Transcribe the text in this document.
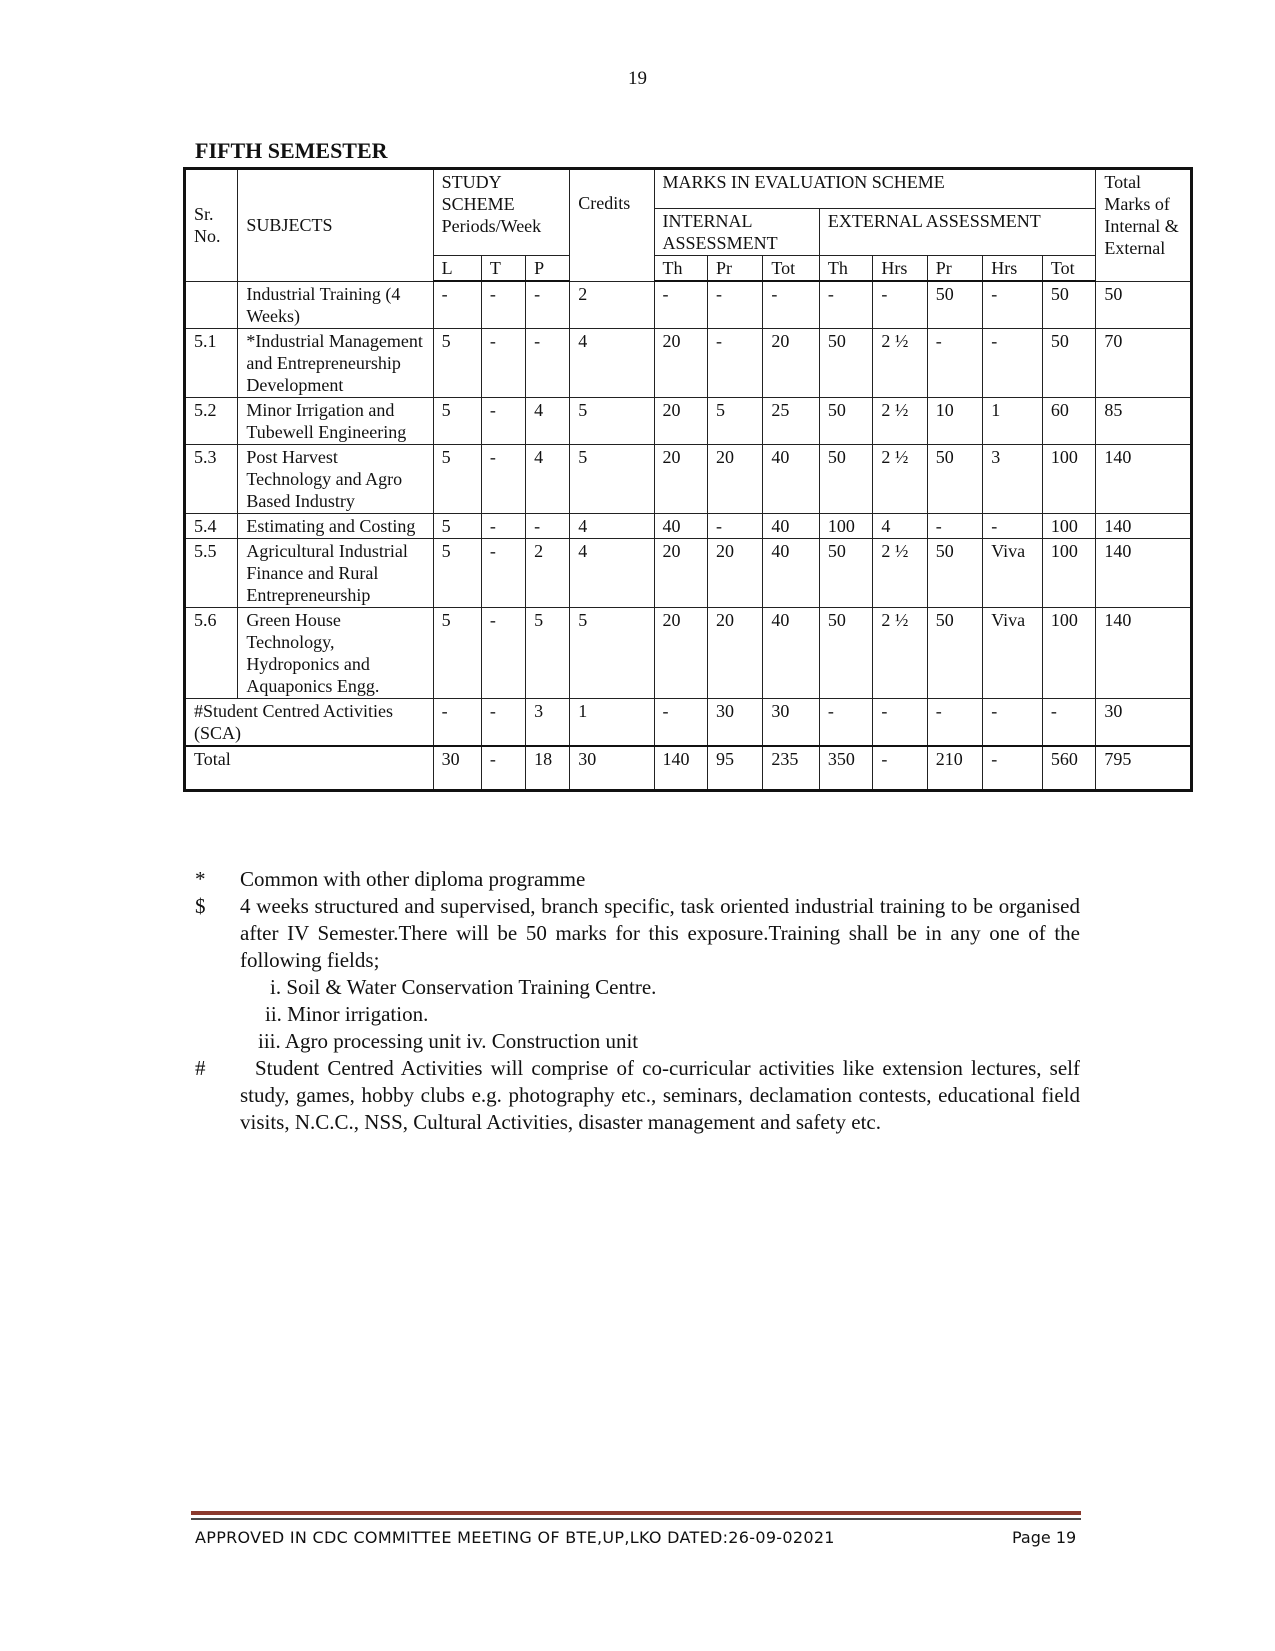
19
FIFTH SEMESTER
Sr. No.	SUBJECTS	STUDY SCHEME Periods/Week			Credits	MARKS IN EVALUATION SCHEME								Total Marks of Internal & External
						INTERNAL ASSESSMENT			EXTERNAL ASSESSMENT					
		L	T	P		Th	Pr	Tot	Th	Hrs	Pr	Hrs	Tot	
	Industrial Training (4 Weeks)	-	-	-	2	-	-	-	-	-	50	-	50	50
5.1	*Industrial Management and Entrepreneurship Development	5	-	-	4	20	-	20	50	2 ½	-	-	50	70
5.2	Minor Irrigation and Tubewell Engineering	5	-	4	5	20	5	25	50	2 ½	10	1	60	85
5.3	Post Harvest Technology and Agro Based Industry	5	-	4	5	20	20	40	50	2 ½	50	3	100	140
5.4	Estimating and Costing	5	-	-	4	40	-	40	100	4	-	-	100	140
5.5	Agricultural Industrial Finance and Rural Entrepreneurship	5	-	2	4	20	20	40	50	2 ½	50	Viva	100	140
5.6	Green House Technology, Hydroponics and Aquaponics Engg.	5	-	5	5	20	20	40	50	2 ½	50	Viva	100	140
#Student Centred Activities (SCA)		-	-	3	1	-	30	30	-	-	-	-	-	30
Total		30	-	18	30	140	95	235	350	-	210	-	560	795
* Common with other diploma programme
$ 4 weeks structured and supervised, branch specific, task oriented industrial training to be organised after IV Semester.There will be 50 marks for this exposure.Training shall be in any one of the following fields;
i. Soil & Water Conservation Training Centre.
ii. Minor irrigation.
iii. Agro processing unit iv. Construction unit
# Student Centred Activities will comprise of co-curricular activities like extension lectures, self study, games, hobby clubs e.g. photography etc., seminars, declamation contests, educational field visits, N.C.C., NSS, Cultural Activities, disaster management and safety etc.
APPROVED IN CDC COMMITTEE MEETING OF BTE,UP,LKO DATED:26-09-02021	Page 19
